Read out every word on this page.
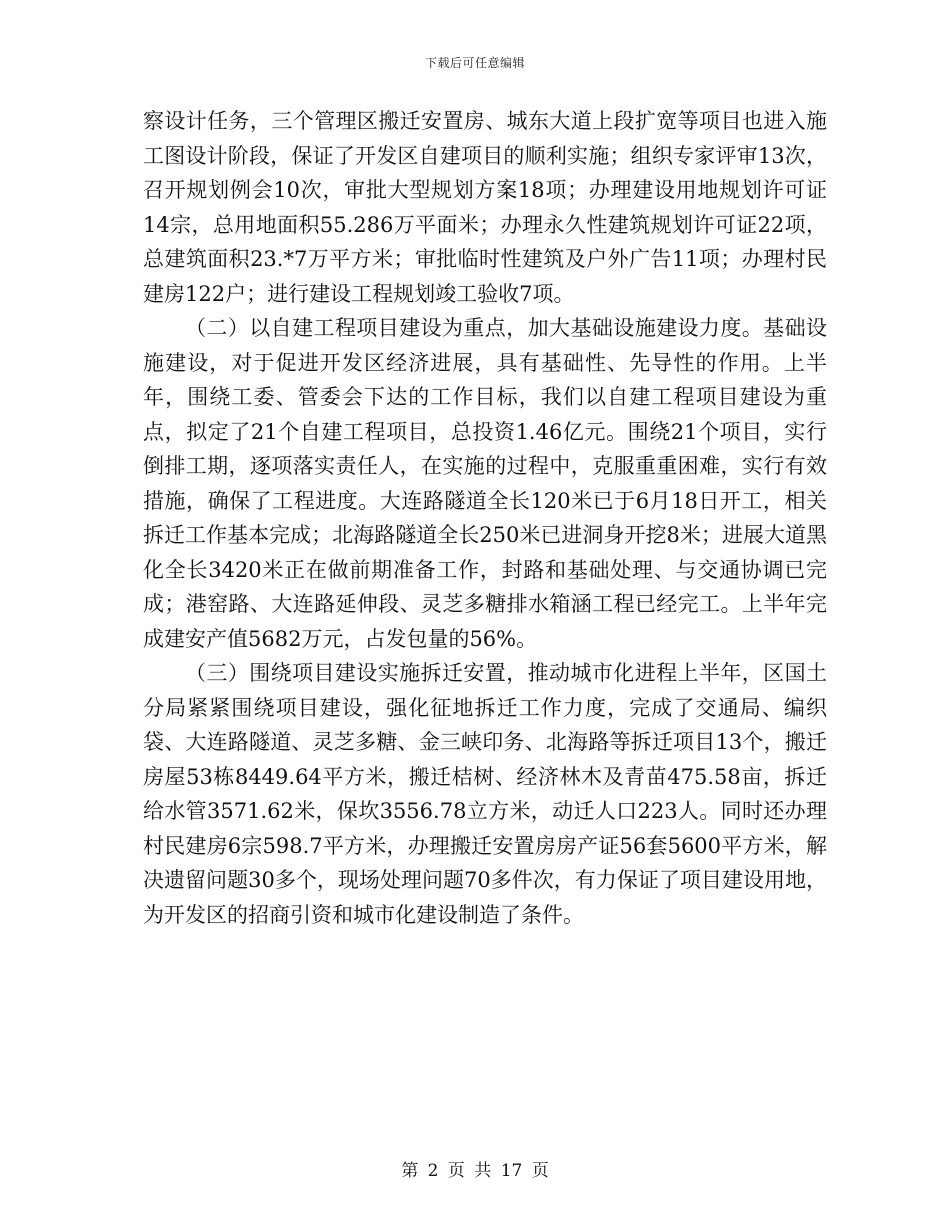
下载后可任意编辑

察设计任务，三个管理区搬迁安置房、城东大道上段扩宽等项目也进入施工图设计阶段，保证了开发区自建项目的顺利实施；组织专家评审13次，召开规划例会10次，审批大型规划方案18项；办理建设用地规划许可证14宗，总用地面积55.286万平面米；办理永久性建筑规划许可证22项，总建筑面积23.*7万平方米；审批临时性建筑及户外广告11项；办理村民建房122户；进行建设工程规划竣工验收7项。

（二）以自建工程项目建设为重点，加大基础设施建设力度。基础设施建设，对于促进开发区经济进展，具有基础性、先导性的作用。上半年，围绕工委、管委会下达的工作目标，我们以自建工程项目建设为重点，拟定了21个自建工程项目，总投资1.46亿元。围绕21个项目，实行倒排工期，逐项落实责任人，在实施的过程中，克服重重困难，实行有效措施，确保了工程进度。大连路隧道全长120米已于6月18日开工，相关拆迁工作基本完成；北海路隧道全长250米已进洞身开挖8米；进展大道黑化全长3420米正在做前期准备工作，封路和基础处理、与交通协调已完成；港窑路、大连路延伸段、灵芝多糖排水箱涵工程已经完工。上半年完成建安产值5682万元，占发包量的56%。

（三）围绕项目建设实施拆迁安置，推动城市化进程上半年，区国土分局紧紧围绕项目建设，强化征地拆迁工作力度，完成了交通局、编织袋、大连路隧道、灵芝多糖、金三峡印务、北海路等拆迁项目13个，搬迁房屋53栋8449.64平方米，搬迁桔树、经济林木及青苗475.58亩，拆迁给水管3571.62米，保坎3556.78立方米，动迁人口223人。同时还办理村民建房6宗598.7平方米，办理搬迁安置房房产证56套5600平方米，解决遗留问题30多个，现场处理问题70多件次，有力保证了项目建设用地，为开发区的招商引资和城市化建设制造了条件。

第 2 页 共 17 页
